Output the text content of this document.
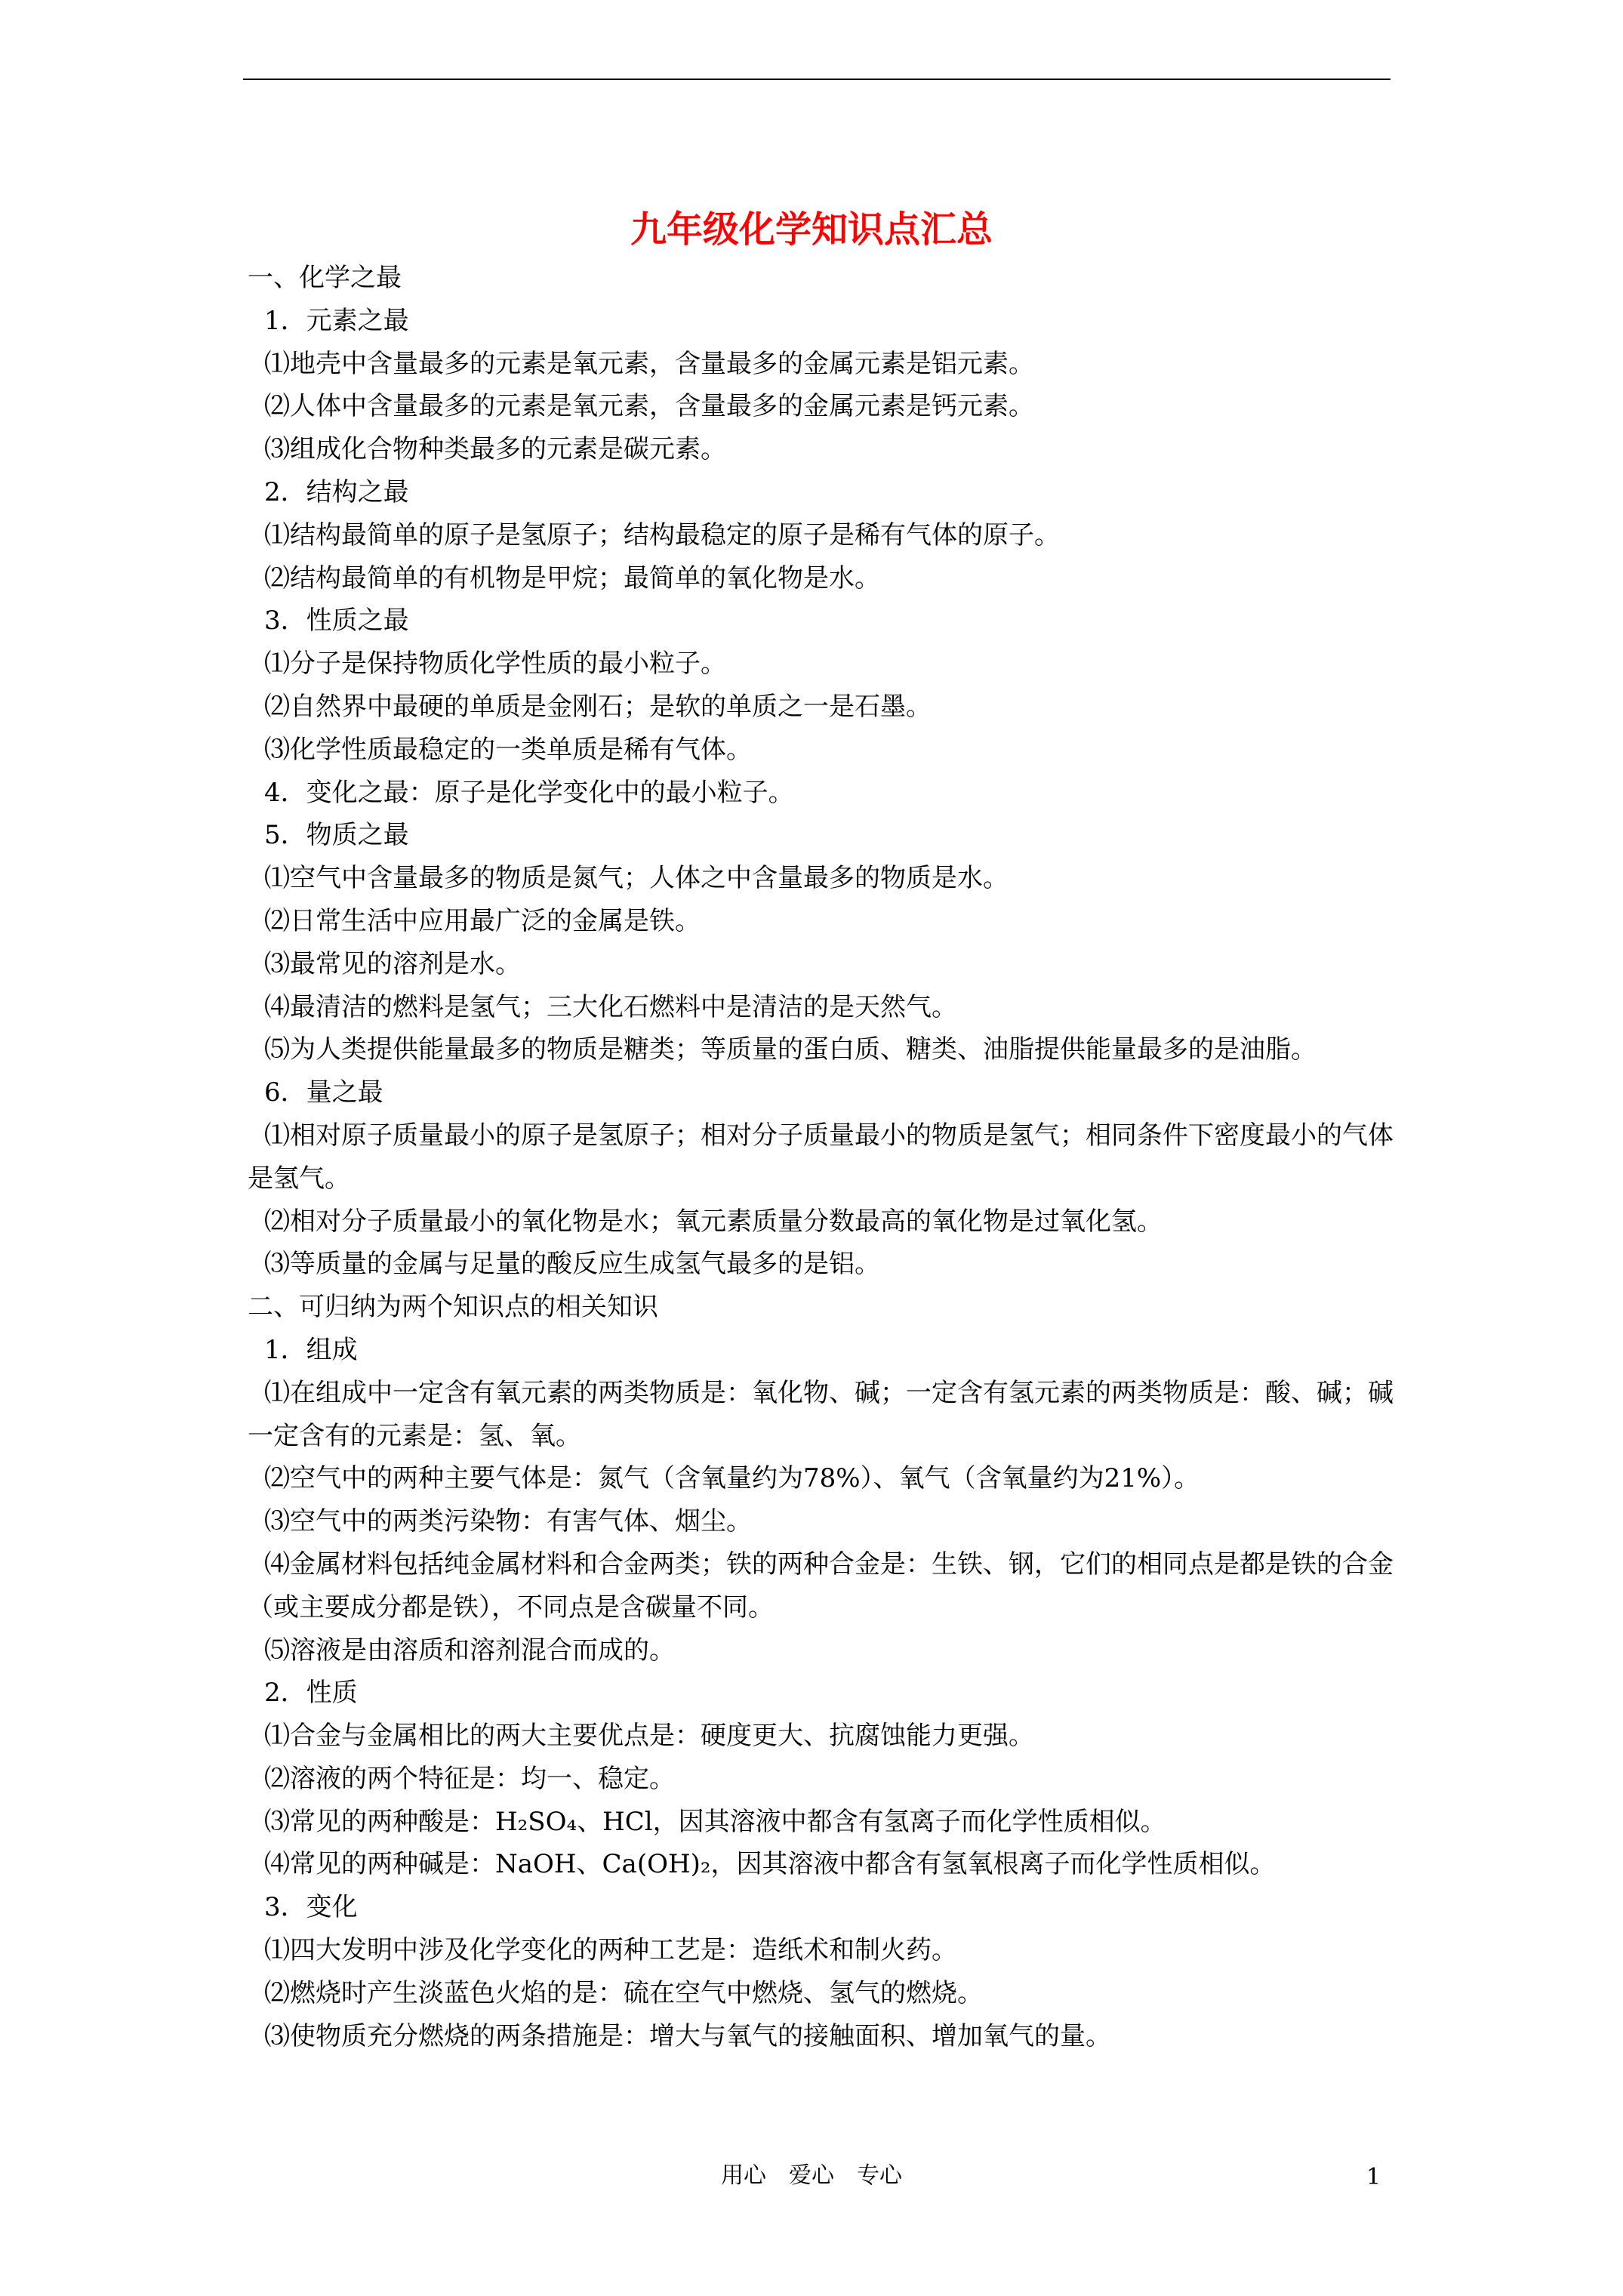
九年级化学知识点汇总
一、化学之最
1．元素之最
⑴地壳中含量最多的元素是氧元素，含量最多的金属元素是铝元素。
⑵人体中含量最多的元素是氧元素，含量最多的金属元素是钙元素。
⑶组成化合物种类最多的元素是碳元素。
2．结构之最
⑴结构最简单的原子是氢原子；结构最稳定的原子是稀有气体的原子。
⑵结构最简单的有机物是甲烷；最简单的氧化物是水。
3．性质之最
⑴分子是保持物质化学性质的最小粒子。
⑵自然界中最硬的单质是金刚石；是软的单质之一是石墨。
⑶化学性质最稳定的一类单质是稀有气体。
4．变化之最：原子是化学变化中的最小粒子。
5．物质之最
⑴空气中含量最多的物质是氮气；人体之中含量最多的物质是水。
⑵日常生活中应用最广泛的金属是铁。
⑶最常见的溶剂是水。
⑷最清洁的燃料是氢气；三大化石燃料中是清洁的是天然气。
⑸为人类提供能量最多的物质是糖类；等质量的蛋白质、糖类、油脂提供能量最多的是油脂。
6．量之最
⑴相对原子质量最小的原子是氢原子；相对分子质量最小的物质是氢气；相同条件下密度最小的气体是氢气。
⑵相对分子质量最小的氧化物是水；氧元素质量分数最高的氧化物是过氧化氢。
⑶等质量的金属与足量的酸反应生成氢气最多的是铝。
二、可归纳为两个知识点的相关知识
1．组成
⑴在组成中一定含有氧元素的两类物质是：氧化物、碱；一定含有氢元素的两类物质是：酸、碱；碱一定含有的元素是：氢、氧。
⑵空气中的两种主要气体是：氮气（含氧量约为78%）、氧气（含氧量约为21%）。
⑶空气中的两类污染物：有害气体、烟尘。
⑷金属材料包括纯金属材料和合金两类；铁的两种合金是：生铁、钢，它们的相同点是都是铁的合金（或主要成分都是铁），不同点是含碳量不同。
⑸溶液是由溶质和溶剂混合而成的。
2．性质
⑴合金与金属相比的两大主要优点是：硬度更大、抗腐蚀能力更强。
⑵溶液的两个特征是：均一、稳定。
⑶常见的两种酸是：H₂SO₄、HCl，因其溶液中都含有氢离子而化学性质相似。
⑷常见的两种碱是：NaOH、Ca(OH)₂，因其溶液中都含有氢氧根离子而化学性质相似。
3．变化
⑴四大发明中涉及化学变化的两种工艺是：造纸术和制火药。
⑵燃烧时产生淡蓝色火焰的是：硫在空气中燃烧、氢气的燃烧。
⑶使物质充分燃烧的两条措施是：增大与氧气的接触面积、增加氧气的量。
用心　爱心　专心	1
